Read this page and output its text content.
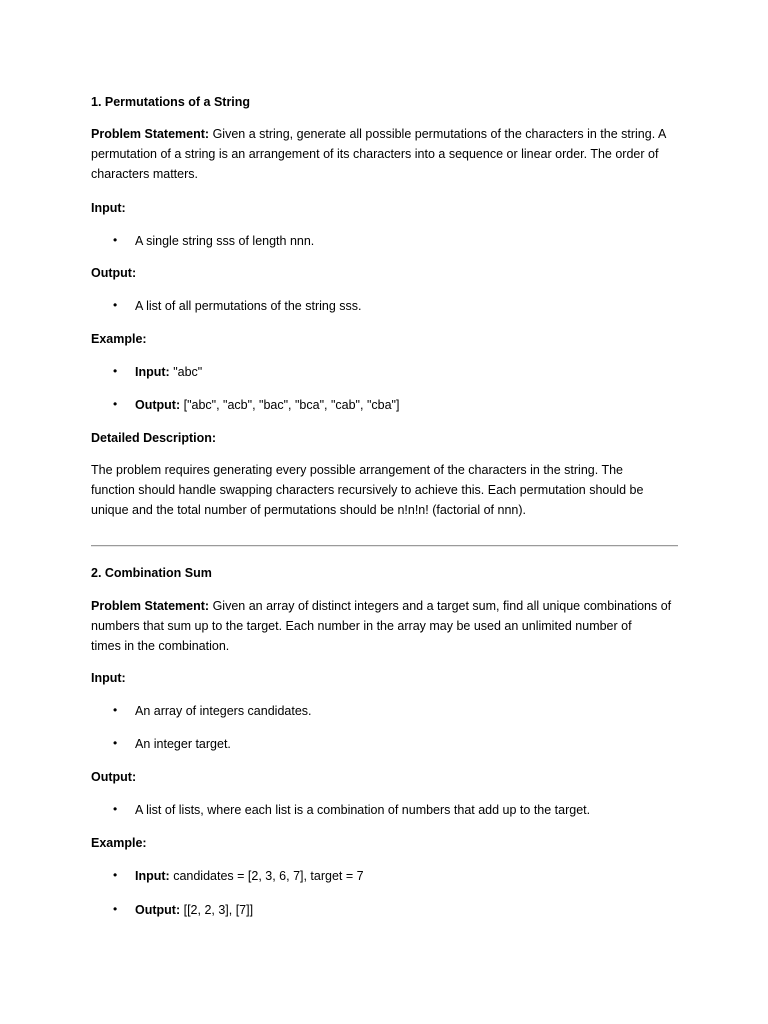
1. Permutations of a String
Problem Statement: Given a string, generate all possible permutations of the characters in the string. A
permutation of a string is an arrangement of its characters into a sequence or linear order. The order of
characters matters.
Input:
• A single string sss of length nnn.
Output:
• A list of all permutations of the string sss.
Example:
• Input: "abc"
• Output: ["abc", "acb", "bac", "bca", "cab", "cba"]
Detailed Description:
The problem requires generating every possible arrangement of the characters in the string. The
function should handle swapping characters recursively to achieve this. Each permutation should be
unique and the total number of permutations should be n!n!n! (factorial of nnn).
2. Combination Sum
Problem Statement: Given an array of distinct integers and a target sum, find all unique combinations of
numbers that sum up to the target. Each number in the array may be used an unlimited number of
times in the combination.
Input:
• An array of integers candidates.
• An integer target.
Output:
• A list of lists, where each list is a combination of numbers that add up to the target.
Example:
• Input: candidates = [2, 3, 6, 7], target = 7
• Output: [[2, 2, 3], [7]]
